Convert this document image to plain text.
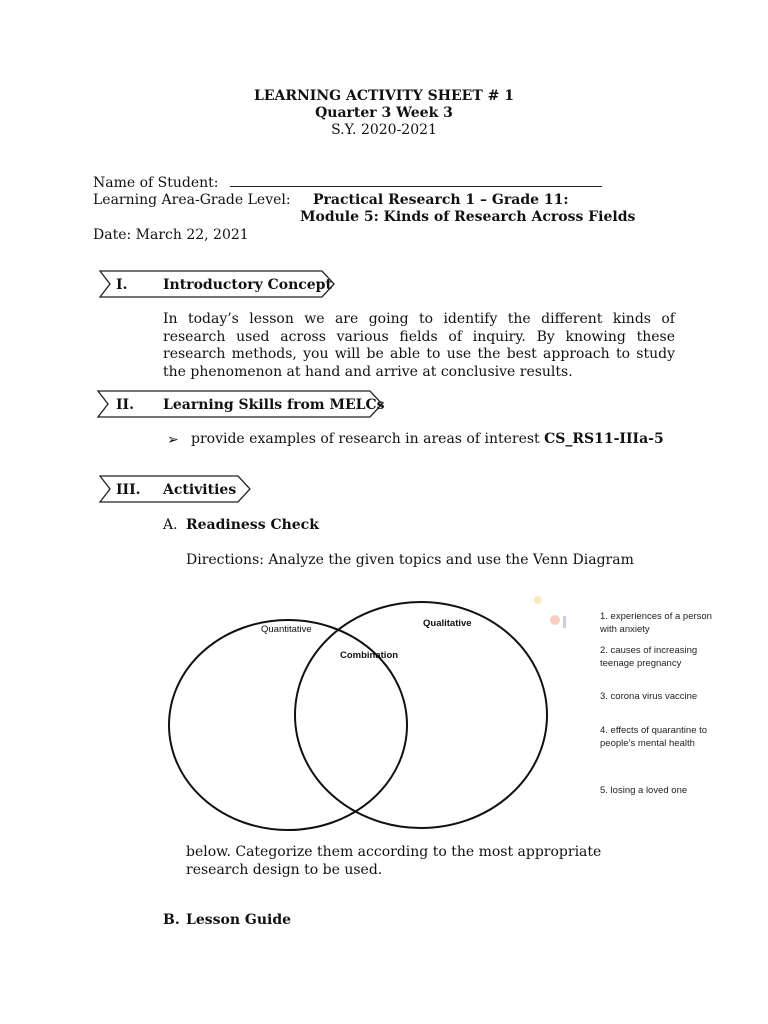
LEARNING ACTIVITY SHEET # 1
Quarter 3 Week 3
S.Y. 2020-2021
Name of Student:
Learning Area-Grade Level: Practical Research 1 – Grade 11:
Module 5: Kinds of Research Across Fields
Date: March 22, 2021
I.	Introductory Concept
In today’s lesson we are going to identify the different kinds of research used across various fields of inquiry. By knowing these research methods, you will be able to use the best approach to study the phenomenon at hand and arrive at conclusive results.
II. Learning Skills from MELCs
➢ provide examples of research in areas of interest CS_RS11-IIIa-5
III. Activities
A. Readiness Check
Directions: Analyze the given topics and use the Venn Diagram
Quantitative
Qualitative
Combination
1. experiences of a person with anxiety
2. causes of increasing teenage pregnancy
3. corona virus vaccine
4. effects of quarantine to people’s mental health
5. losing a loved one
below. Categorize them according to the most appropriate research design to be used.
B. Lesson Guide
